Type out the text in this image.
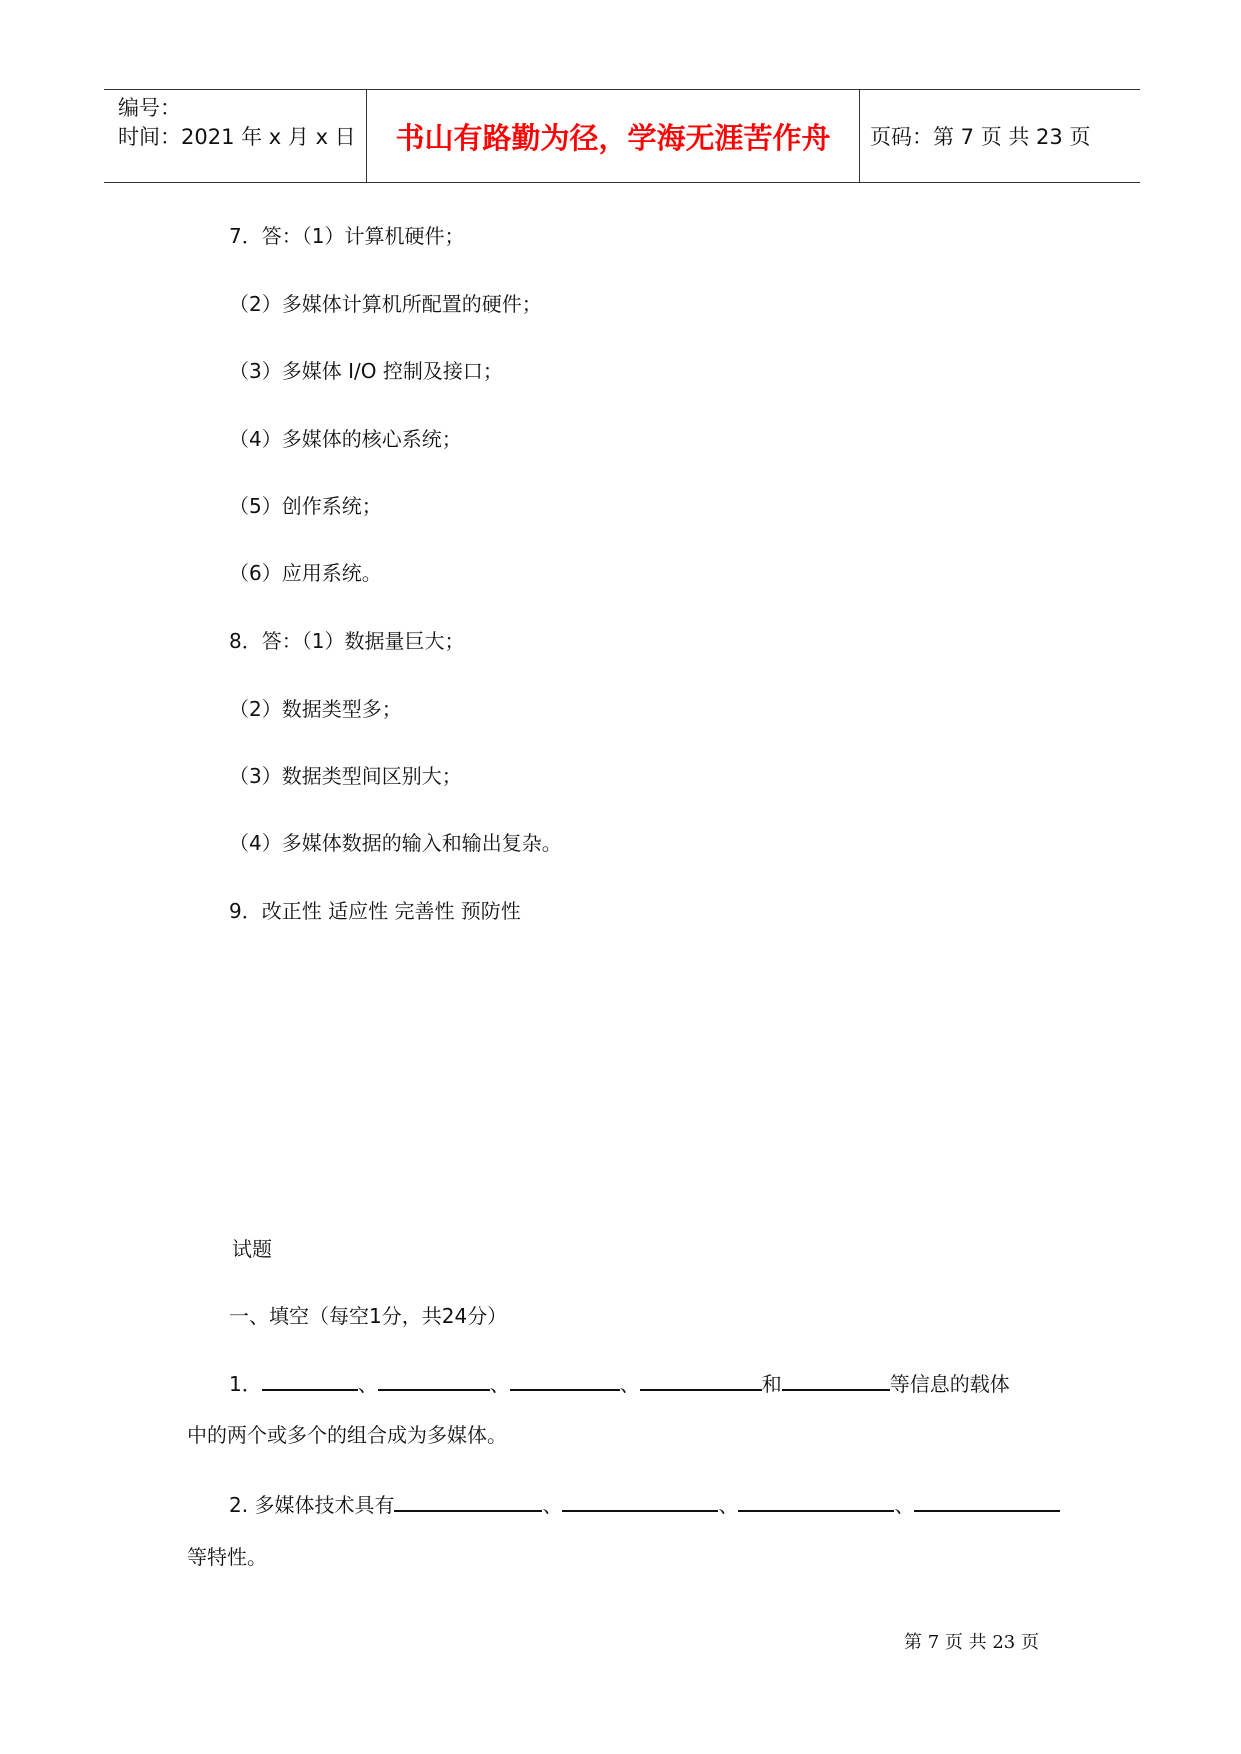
编号：
时间：2021 年 x 月 x 日	书山有路勤为径，学海无涯苦作舟	页码：第 7 页 共 23 页
7．答：（1）计算机硬件；
（2）多媒体计算机所配置的硬件；
（3）多媒体 I/O 控制及接口；
（4）多媒体的核心系统；
（5）创作系统；
（6）应用系统。
8．答：（1）数据量巨大；
（2）数据类型多；
（3）数据类型间区别大；
（4）多媒体数据的输入和输出复杂。
9．改正性 适应性 完善性 预防性
试题
一、填空（每空1分，共24分）
1．	、	、	、	和	等信息的载体
中的两个或多个的组合成为多媒体。
2. 多媒体技术具有	、	、	、
等特性。
第 7 页 共 23 页
